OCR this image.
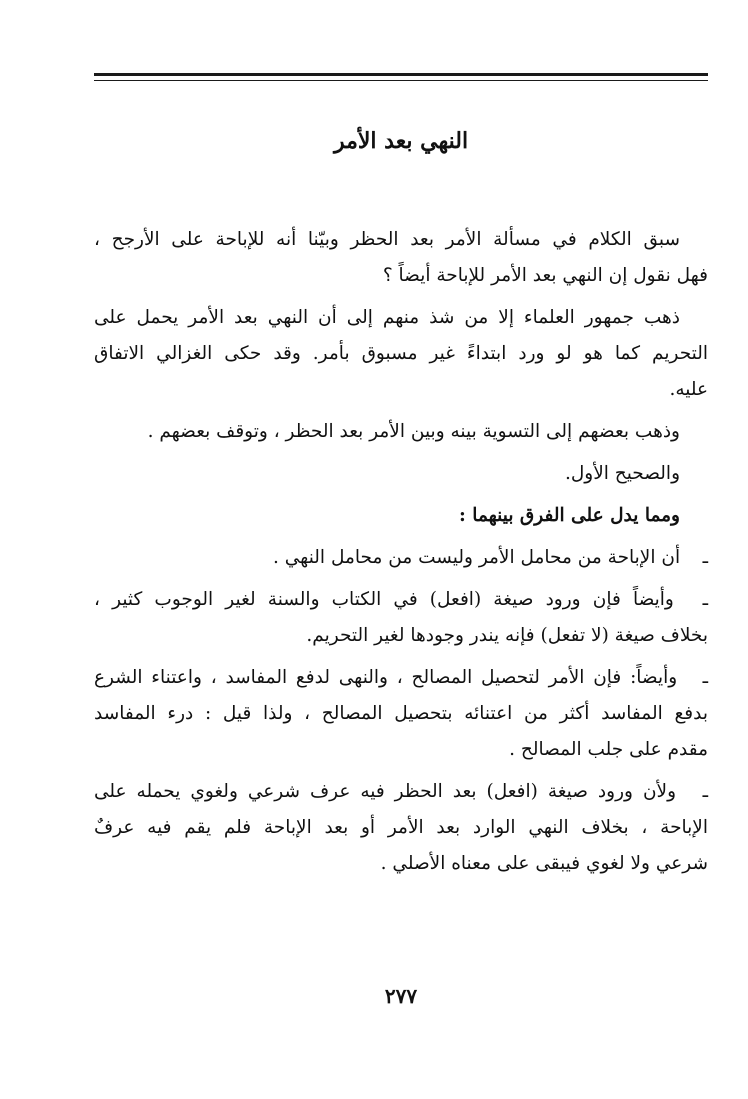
النهي بعد الأمر
سبق الكلام في مسألة الأمر بعد الحظر وبيّنا أنه للإباحة على الأرجح ،
فهل نقول إن النهي بعد الأمر للإباحة أيضاً ؟
ذهب جمهور العلماء إلا من شذ منهم إلى أن النهي بعد الأمر يحمل على
التحريم كما هو لو ورد ابتداءً غير مسبوق بأمر. وقد حكى الغزالي الاتفاق
عليه.
وذهب بعضهم إلى التسوية بينه وبين الأمر بعد الحظر ، وتوقف بعضهم .
والصحيح الأول.
ومما يدل على الفرق بينهما :
ـ أن الإباحة من محامل الأمر وليست من محامل النهي .
ـ وأيضاً فإن ورود صيغة (افعل) في الكتاب والسنة لغير الوجوب كثير ،
بخلاف صيغة (لا تفعل) فإنه يندر وجودها لغير التحريم.
ـ وأيضاً: فإن الأمر لتحصيل المصالح ، والنهى لدفع المفاسد ، واعتناء الشرع
بدفع المفاسد أكثر من اعتنائه بتحصيل المصالح ، ولذا قيل : درء المفاسد
مقدم على جلب المصالح .
ـ ولأن ورود صيغة (افعل) بعد الحظر فيه عرف شرعي ولغوي يحمله على
الإباحة ، بخلاف النهي الوارد بعد الأمر أو بعد الإباحة فلم يقم فيه عرفٌ
شرعي ولا لغوي فيبقى على معناه الأصلي .
٢٧٧
